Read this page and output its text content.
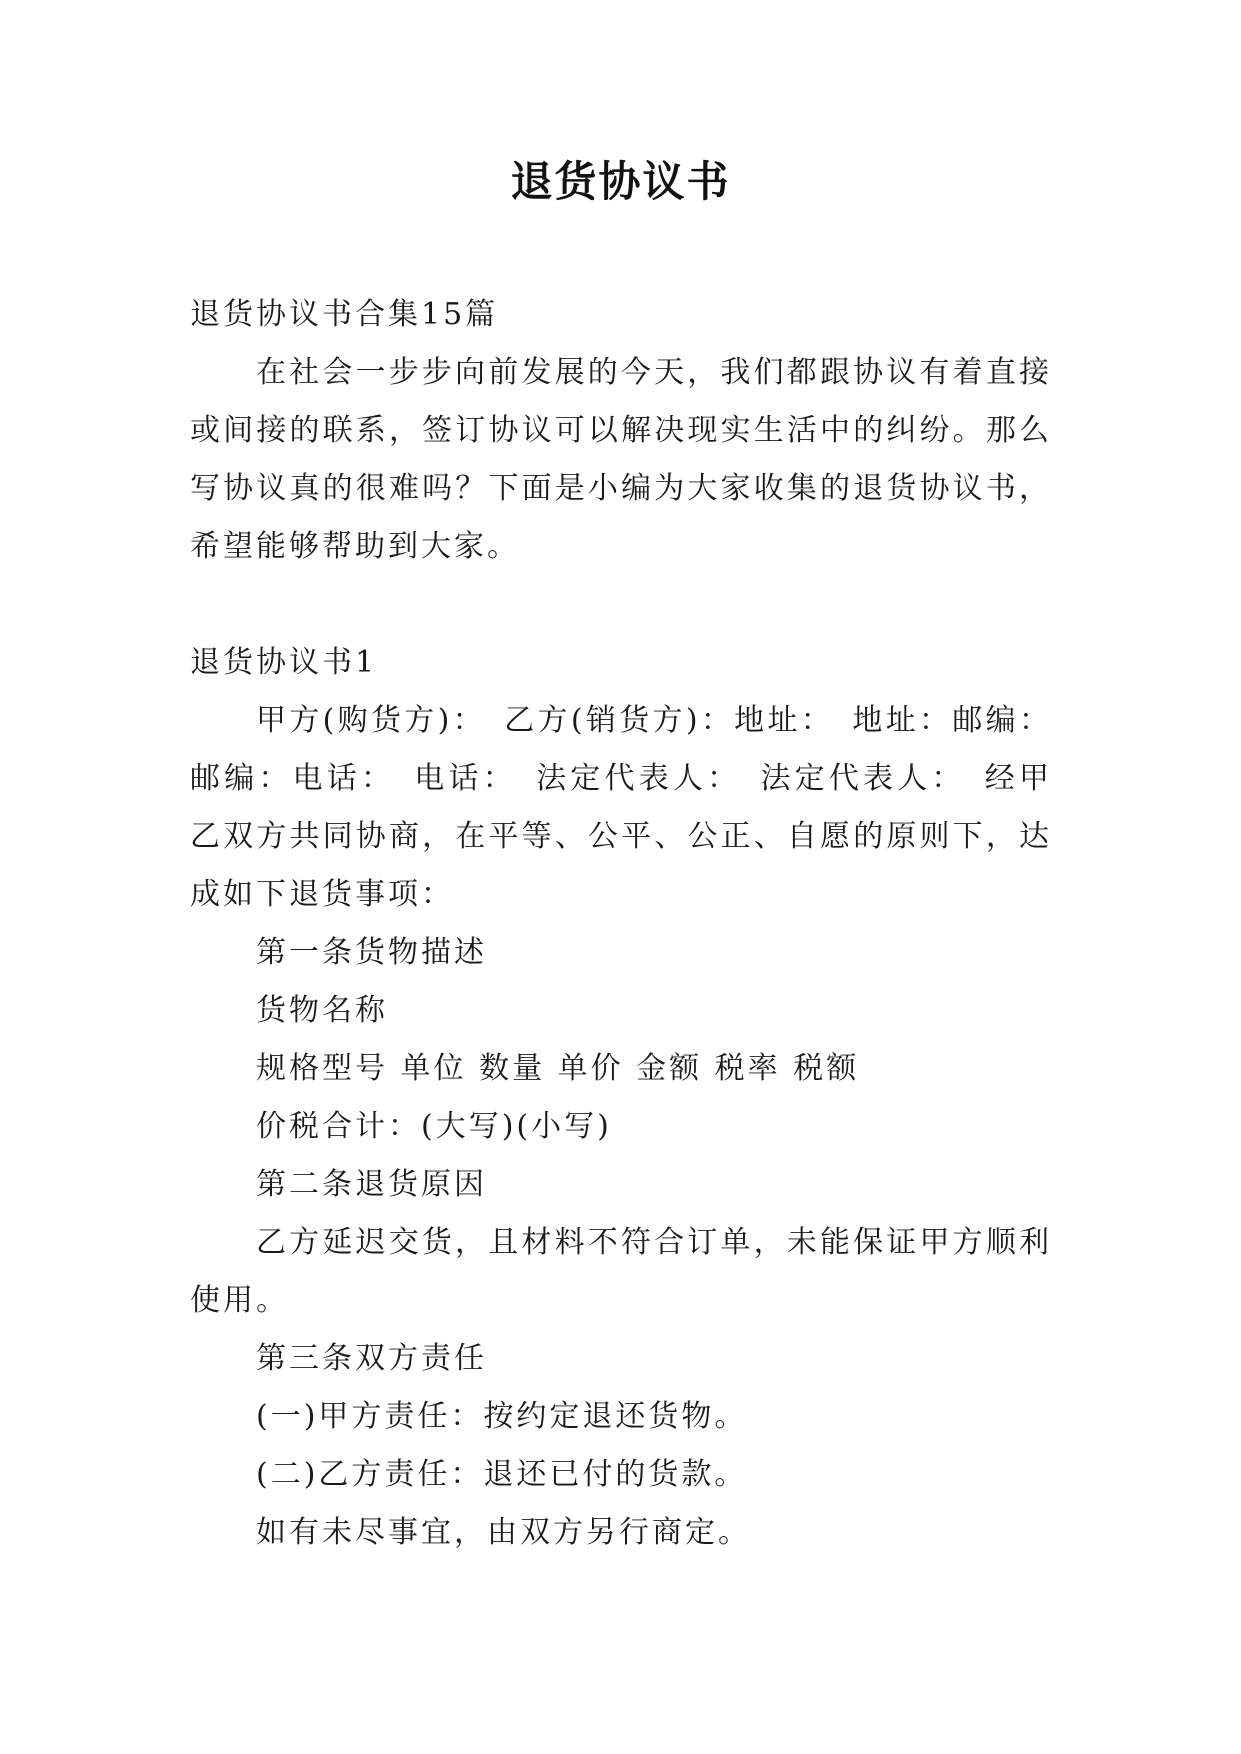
退货协议书

退货协议书合集15篇

在社会一步步向前发展的今天，我们都跟协议有着直接或间接的联系，签订协议可以解决现实生活中的纠纷。那么写协议真的很难吗？下面是小编为大家收集的退货协议书，希望能够帮助到大家。

退货协议书1

甲方(购货方)：　乙方(销货方)：地址：　地址：邮编：邮编：电话：　电话：　法定代表人：　法定代表人：　经甲乙双方共同协商，在平等、公平、公正、自愿的原则下，达成如下退货事项：

第一条货物描述

货物名称

规格型号 单位 数量 单价 金额 税率 税额

价税合计：(大写)(小写)

第二条退货原因

乙方延迟交货，且材料不符合订单，未能保证甲方顺利使用。

第三条双方责任

(一)甲方责任：按约定退还货物。

(二)乙方责任：退还已付的货款。

如有未尽事宜，由双方另行商定。
